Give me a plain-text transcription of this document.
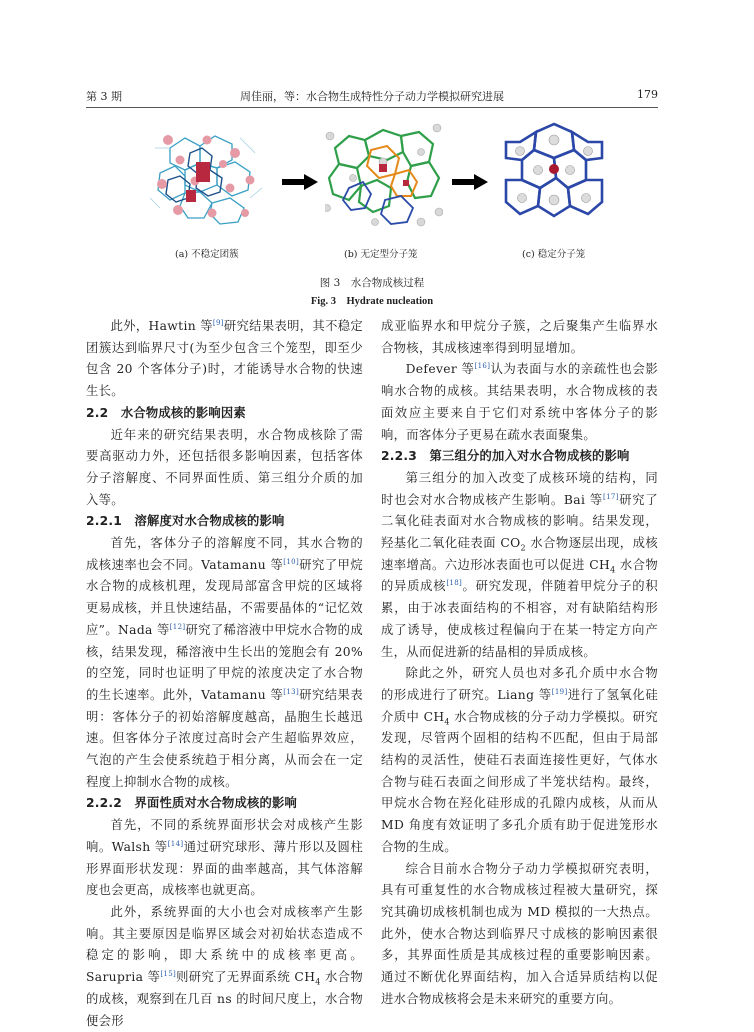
第 3 期	周佳丽，等：水合物生成特性分子动力学模拟研究进展	179
(a) 不稳定团簇	(b) 无定型分子笼	(c) 稳定分子笼
图 3　水合物成核过程
Fig. 3　Hydrate nucleation

此外，Hawtin 等[9]研究结果表明，其不稳定团簇达到临界尺寸(为至少包含三个笼型，即至少包含 20 个客体分子)时，才能诱导水合物的快速生长。

2.2　水合物成核的影响因素

近年来的研究结果表明，水合物成核除了需要高驱动力外，还包括很多影响因素，包括客体分子溶解度、不同界面性质、第三组分介质的加入等。

2.2.1　溶解度对水合物成核的影响

首先，客体分子的溶解度不同，其水合物的成核速率也会不同。Vatamanu 等[10]研究了甲烷水合物的成核机理，发现局部富含甲烷的区域将更易成核，并且快速结晶，不需要晶体的“记忆效应”。Nada 等[12]研究了稀溶液中甲烷水合物的成核，结果发现，稀溶液中生长出的笼胞会有 20% 的空笼，同时也证明了甲烷的浓度决定了水合物的生长速率。此外，Vatamanu 等[13]研究结果表明：客体分子的初始溶解度越高，晶胞生长越迅速。但客体分子浓度过高时会产生超临界效应，气泡的产生会使系统趋于相分离，从而会在一定程度上抑制水合物的成核。

2.2.2　界面性质对水合物成核的影响

首先，不同的系统界面形状会对成核产生影响。Walsh 等[14]通过研究球形、薄片形以及圆柱形界面形状发现：界面的曲率越高，其气体溶解度也会更高，成核率也就更高。

此外，系统界面的大小也会对成核率产生影响。其主要原因是临界区域会对初始状态造成不稳定的影响，即大系统中的成核率更高。Sarupria 等[15]则研究了无界面系统 $CH_4$ 水合物的成核，观察到在几百 ns 的时间尺度上，水合物便会形

成亚临界水和甲烷分子簇，之后聚集产生临界水合物核，其成核速率得到明显增加。

Defever 等[16]认为表面与水的亲疏性也会影响水合物的成核。其结果表明，水合物成核的表面效应主要来自于它们对系统中客体分子的影响，而客体分子更易在疏水表面聚集。

2.2.3　第三组分的加入对水合物成核的影响

第三组分的加入改变了成核环境的结构，同时也会对水合物成核产生影响。Bai 等[17]研究了二氧化硅表面对水合物成核的影响。结果发现，羟基化二氧化硅表面 $CO_2$ 水合物逐层出现，成核速率增高。六边形冰表面也可以促进 $CH_4$ 水合物的异质成核[18]。研究发现，伴随着甲烷分子的积累，由于冰表面结构的不相容，对有缺陷结构形成了诱导，使成核过程偏向于在某一特定方向产生，从而促进新的结晶相的异质成核。

除此之外，研究人员也对多孔介质中水合物的形成进行了研究。Liang 等[19]进行了氢氧化硅介质中 $CH_4$ 水合物成核的分子动力学模拟。研究发现，尽管两个固相的结构不匹配，但由于局部结构的灵活性，使硅石表面连接性更好，气体水合物与硅石表面之间形成了半笼状结构。最终，甲烷水合物在羟化硅形成的孔隙内成核，从而从 MD 角度有效证明了多孔介质有助于促进笼形水合物的生成。

综合目前水合物分子动力学模拟研究表明，具有可重复性的水合物成核过程被大量研究，探究其确切成核机制也成为 MD 模拟的一大热点。此外，使水合物达到临界尺寸成核的影响因素很多，其界面性质是其成核过程的重要影响因素。通过不断优化界面结构，加入合适异质结构以促进水合物成核将会是未来研究的重要方向。
